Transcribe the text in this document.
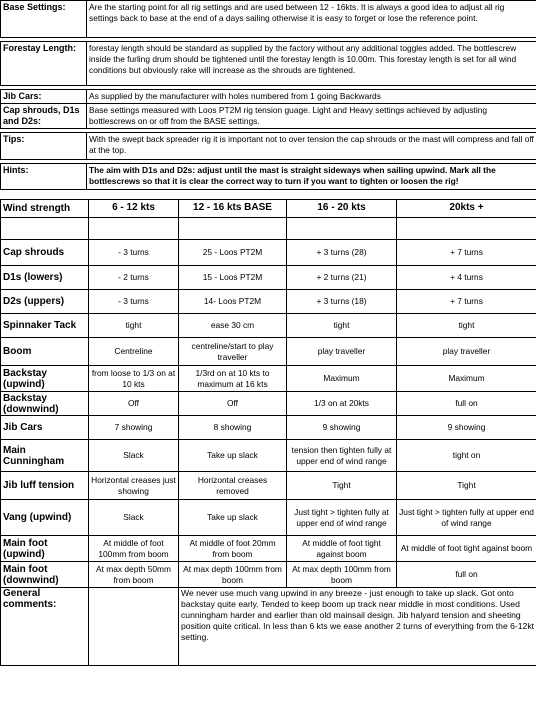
Base Settings:	Are the starting point for all rig settings and are used between 12 - 16kts. It is always a good idea to adjust all rig settings back to base at the end of a days sailing otherwise it is easy to forget or lose the reference point.

Forestay Length:	forestay length should be standard as supplied by the factory without any additional toggles added. The bottlescrew inside the furling drum should be tightened until the forestay length is 10.00m. This forestay length is set for all wind conditions but obviously rake will increase as the shrouds are tightened.

Jib Cars:	As supplied by the manufacturer with holes numbered from 1 going Backwards
Cap shrouds, D1s and D2s:	Base settings measured with Loos PT2M rig tension guage. Light and Heavy settings achieved by adjusting bottlescrews on or off from the BASE settings.

Tips:	With the swept back spreader rig it is important not to over tension the cap shrouds or the mast will compress and fall off at the top.

Hints:	The aim with D1s and D2s: adjust until the mast is straight sideways when sailing upwind. Mark all the bottlescrews so that it is clear the correct way to turn if you want to tighten or loosen the rig!
Wind strength	6 - 12 kts	12 - 16 kts BASE	16 - 20 kts	20kts +

Cap shrouds	- 3 turns	25 - Loos PT2M	+ 3 turns (28)	+ 7 turns
D1s (lowers)	- 2 turns	15 - Loos PT2M	+ 2 turns (21)	+ 4 turns
D2s (uppers)	- 3 turns	14- Loos PT2M	+ 3 turns (18)	+ 7 turns
Spinnaker Tack	tight	ease 30 cm	tight	tight
Boom	Centreline	centreline/start to play traveller	play traveller	play traveller
Backstay (upwind)	from loose to 1/3 on at 10 kts	1/3rd on at 10 kts to maximum at 16 kts	Maximum	Maximum
Backstay (downwind)	Off	Off	1/3 on at 20kts	full on
Jib Cars	7 showing	8 showing	9 showing	9 showing
Main Cunningham	Slack	Take up slack	tension then tighten fully at upper end of wind range	tight on
Jib luff tension	Horizontal creases just showing	Horizontal creases removed	Tight	Tight
Vang (upwind)	Slack	Take up slack	Just tight > tighten fully at upper end of wind range	Just tight > tighten fully at upper end of wind range
Main foot (upwind)	At middle of foot 100mm from boom	At middle of foot 20mm from boom	At middle of foot tight against boom	At middle of foot tight against boom
Main foot (downwind)	At max depth 50mm from boom	At max depth 100mm from boom	At max depth 100mm from boom	full on
General comments:		We never use much vang upwind in any breeze - just enough to take up slack. Got onto backstay quite early. Tended to keep boom up track near middle in most conditions. Used cunningham harder and earlier than old mainsail design. Jib halyard tension and sheeting position quite critical. In less than 6 kts we ease another 2 turns of everything from the 6-12kt setting.		
